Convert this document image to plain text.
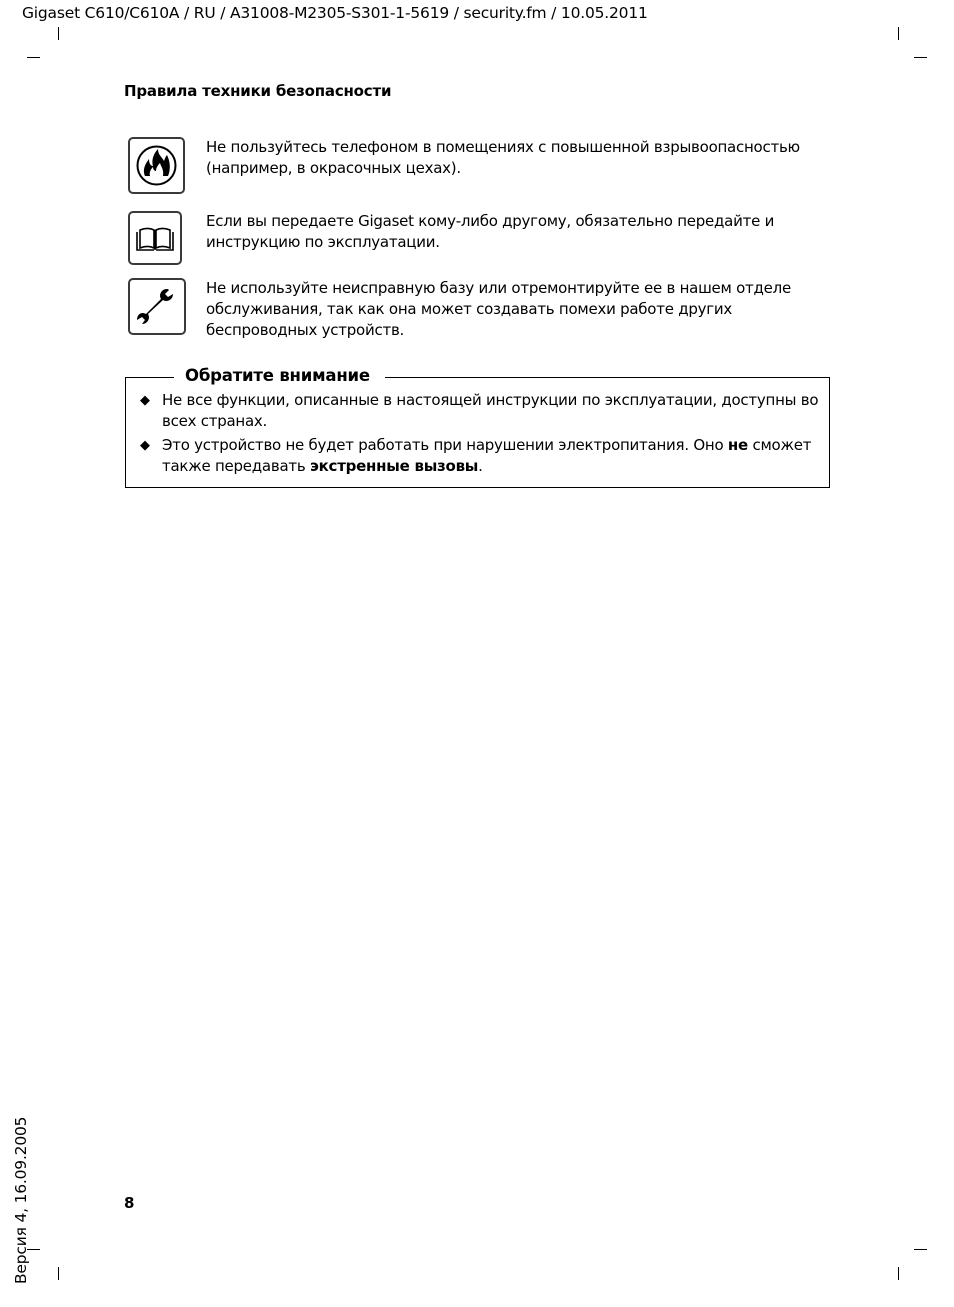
Gigaset C610/C610A / RU / A31008-M2305-S301-1-5619 / security.fm / 10.05.2011
Правила техники безопасности
Не пользуйтесь телефоном в помещениях с повышенной взрывоопасностью (например, в окрасочных цехах).
Если вы передаете Gigaset кому-либо другому, обязательно передайте и инструкцию по эксплуатации.
Не используйте неисправную базу или отремонтируйте ее в нашем отделе обслуживания, так как она может создавать помехи работе других беспроводных устройств.
Обратите внимание
◆ Не все функции, описанные в настоящей инструкции по эксплуатации, доступны во всех странах.
◆ Это устройство не будет работать при нарушении электропитания. Оно не сможет также передавать экстренные вызовы.
8
Версия 4, 16.09.2005
